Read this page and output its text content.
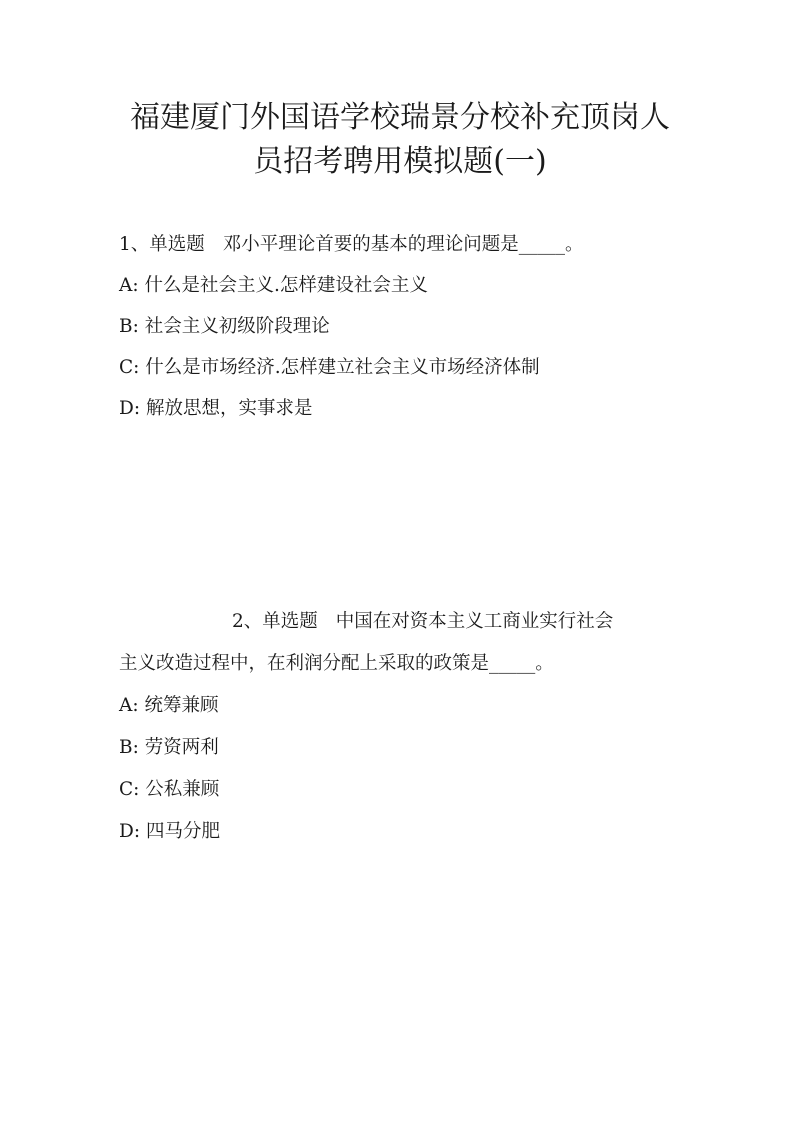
福建厦门外国语学校瑞景分校补充顶岗人
员招考聘用模拟题(一)

1、单选题 邓小平理论首要的基本的理论问题是_____。

A: 什么是社会主义.怎样建设社会主义

B: 社会主义初级阶段理论

C: 什么是市场经济.怎样建立社会主义市场经济体制

D: 解放思想，实事求是

2、单选题 中国在对资本主义工商业实行社会

主义改造过程中，在利润分配上采取的政策是_____。

A: 统筹兼顾

B: 劳资两利

C: 公私兼顾

D: 四马分肥
